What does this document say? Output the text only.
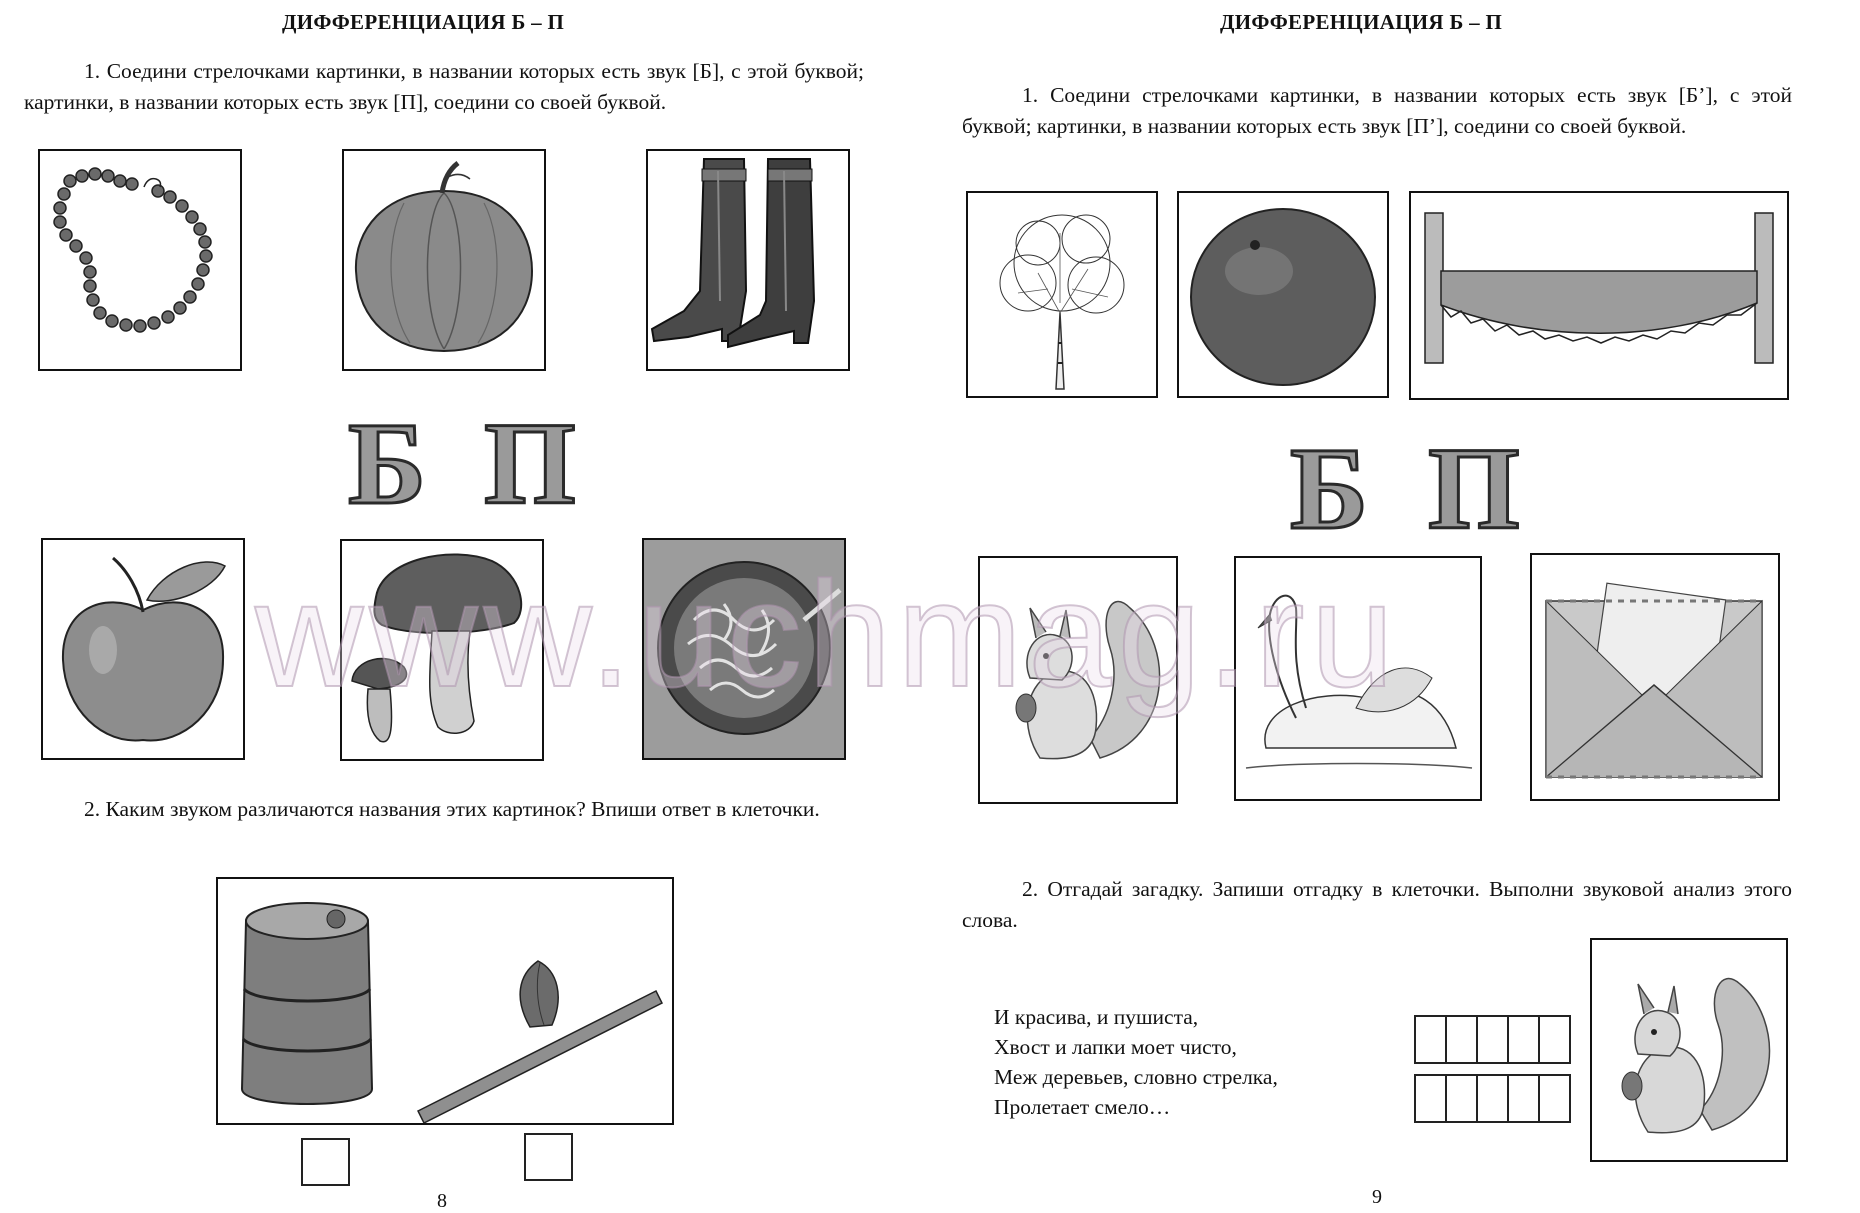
ДИФФЕРЕНЦИАЦИЯ Б – П
1. Соедини стрелочками картинки, в названии которых есть звук [Б], с этой буквой; картинки, в названии которых есть звук [П], соедини со своей буквой.
Б П
2. Каким звуком различаются названия этих картинок? Впиши ответ в клеточки.
8
ДИФФЕРЕНЦИАЦИЯ Б – П
1. Соедини стрелочками картинки, в названии которых есть звук [Б’], с этой буквой; картинки, в названии которых есть звук [П’], соедини со своей буквой.
Б П
2. Отгадай загадку. Запиши отгадку в клеточки. Выполни звуковой анализ этого слова.
И красива, и пушиста,
Хвост и лапки моет чисто,
Меж деревьев, словно стрелка,
Пролетает смело…
9
www.uchmag.ru
